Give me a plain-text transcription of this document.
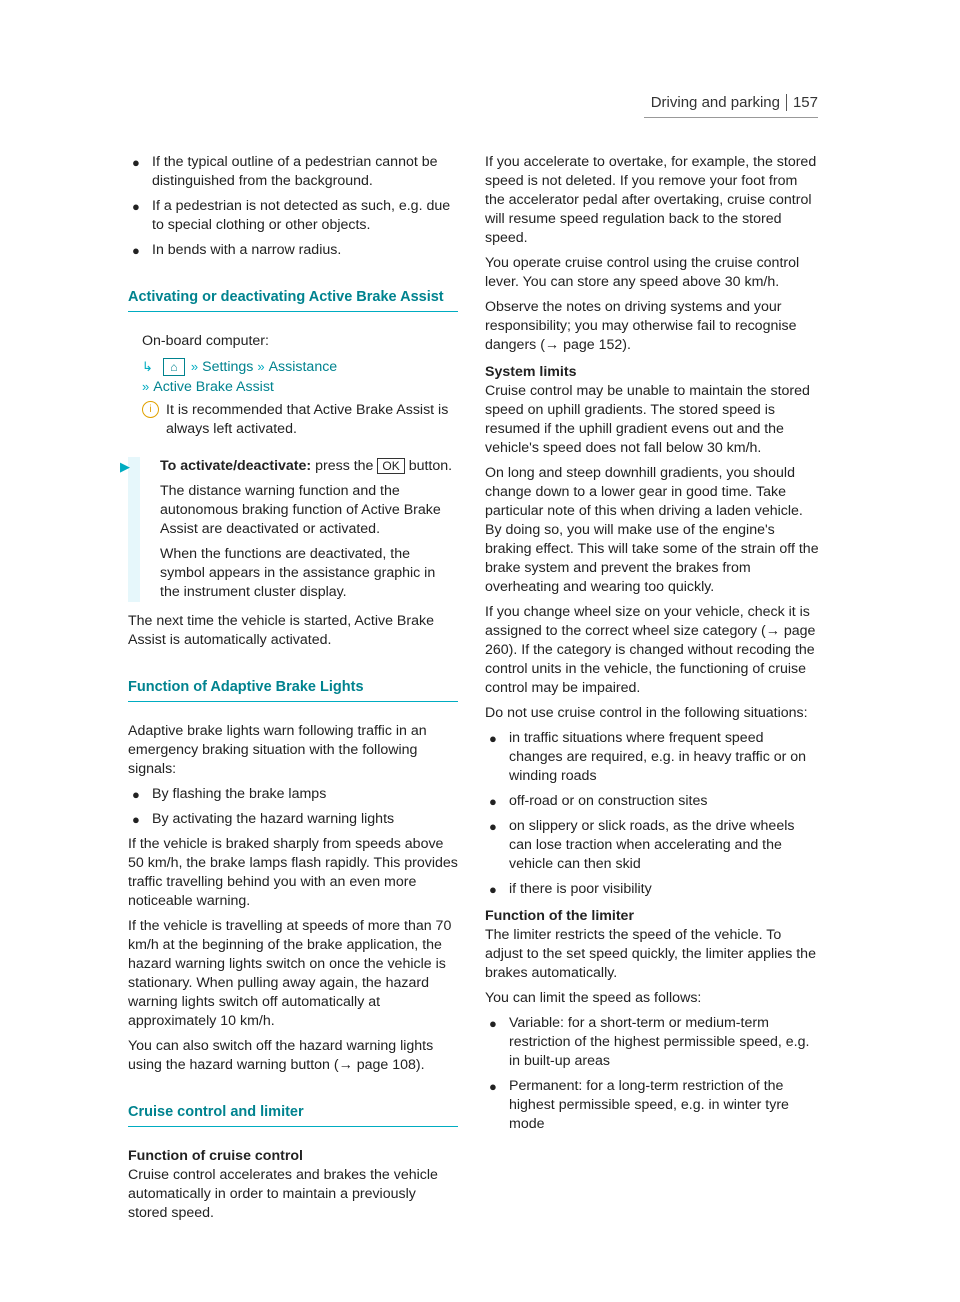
Driving and parking 157
● If the typical outline of a pedestrian cannot be distinguished from the background.
● If a pedestrian is not detected as such, e.g. due to special clothing or other objects.
● In bends with a narrow radius.
Activating or deactivating Active Brake Assist

On-board computer:

↳ ⌂ » Settings » Assistance
» Active Brake Assist
i	It is recommended that Active Brake Assist is always left activated.
▶ To activate/deactivate: press the OK button.

The distance warning function and the autonomous braking function of Active Brake Assist are deactivated or activated.

When the functions are deactivated, the symbol appears in the assistance graphic in the instrument cluster display.

The next time the vehicle is started, Active Brake Assist is automatically activated.

Function of Adaptive Brake Lights

Adaptive brake lights warn following traffic in an emergency braking situation with the following signals:

● By flashing the brake lamps
● By activating the hazard warning lights

If the vehicle is braked sharply from speeds above 50 km/h, the brake lamps flash rapidly. This provides traffic travelling behind you with an even more noticeable warning.

If the vehicle is travelling at speeds of more than 70 km/h at the beginning of the brake application, the hazard warning lights switch on once the vehicle is stationary. When pulling away again, the hazard warning lights switch off automatically at approximately 10 km/h.

You can also switch off the hazard warning lights using the hazard warning button (→ page 108).

Cruise control and limiter
Function of cruise control

Cruise control accelerates and brakes the vehicle automatically in order to maintain a previously stored speed.

If you accelerate to overtake, for example, the stored speed is not deleted. If you remove your foot from the accelerator pedal after overtaking, cruise control will resume speed regulation back to the stored speed.

You operate cruise control using the cruise control lever. You can store any speed above 30 km/h.

Observe the notes on driving systems and your responsibility; you may otherwise fail to recognise dangers (→ page 152).

System limits

Cruise control may be unable to maintain the stored speed on uphill gradients. The stored speed is resumed if the uphill gradient evens out and the vehicle's speed does not fall below 30 km/h.

On long and steep downhill gradients, you should change down to a lower gear in good time. Take particular note of this when driving a laden vehicle. By doing so, you will make use of the engine's braking effect. This will take some of the strain off the brake system and prevent the brakes from overheating and wearing too quickly.

If you change wheel size on your vehicle, check it is assigned to the correct wheel size category (→ page 260). If the category is changed without recoding the control units in the vehicle, the functioning of cruise control may be impaired.

Do not use cruise control in the following situations:

● in traffic situations where frequent speed changes are required, e.g. in heavy traffic or on winding roads
● off-road or on construction sites
● on slippery or slick roads, as the drive wheels can lose traction when accelerating and the vehicle can then skid
● if there is poor visibility
Function of the limiter

The limiter restricts the speed of the vehicle. To adjust to the set speed quickly, the limiter applies the brakes automatically.

You can limit the speed as follows:

● Variable: for a short-term or medium-term restriction of the highest permissible speed, e.g. in built-up areas
● Permanent: for a long-term restriction of the highest permissible speed, e.g. in winter tyre mode
